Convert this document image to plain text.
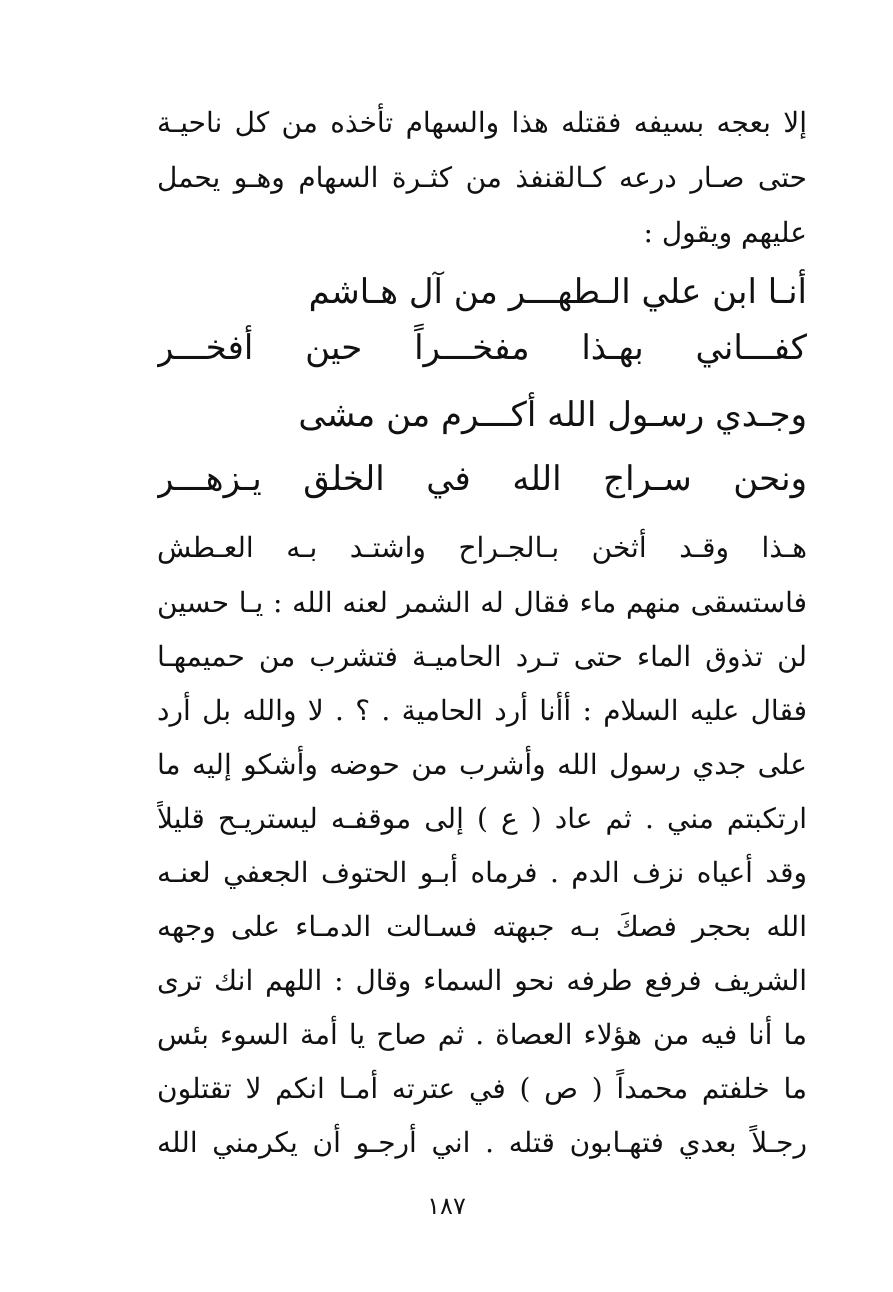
إلا بعجه بسيفه فقتله هذا والسهام تأخذه من كل ناحيـة
حتى صـار درعه كـالقنفذ من كثـرة السهام وهـو يحمل
عليهم ويقول :
أنـا ابن علي الـطهـــر من آل هـاشم
كفـــاني بهـذا مفخـــراً حين أفخـــر
وجـدي رسـول الله أكـــرم من مشى
ونحن سـراج الله في الخلق يـزهـــر
هـذا وقـد أثخن بـالجـراح واشتـد بـه العـطش
فاستسقى منهم ماء فقال له الشمر لعنه الله : يـا حسين
لن تذوق الماء حتى تـرد الحاميـة فتشرب من حميمهـا
فقال عليه السلام : أأنا أرد الحامية . ؟ . لا والله بل أرد
على جدي رسول الله وأشرب من حوضه وأشكو إليه ما
ارتكبتم مني . ثم عاد ( ع ) إلى موقفـه ليستريـح قليلاً
وقد أعياه نزف الدم . فرماه أبـو الحتوف الجعفي لعنـه
الله بحجر فصكَ بـه جبهته فسـالت الدمـاء على وجهه
الشريف فرفع طرفه نحو السماء وقال : اللهم انك ترى
ما أنا فيه من هؤلاء العصاة . ثم صاح يا أمة السوء بئس
ما خلفتم محمداً ( ص ) في عترته أمـا انكم لا تقتلون
رجـلاً بعدي فتهـابون قتله . اني أرجـو أن يكرمني الله
١٨٧
